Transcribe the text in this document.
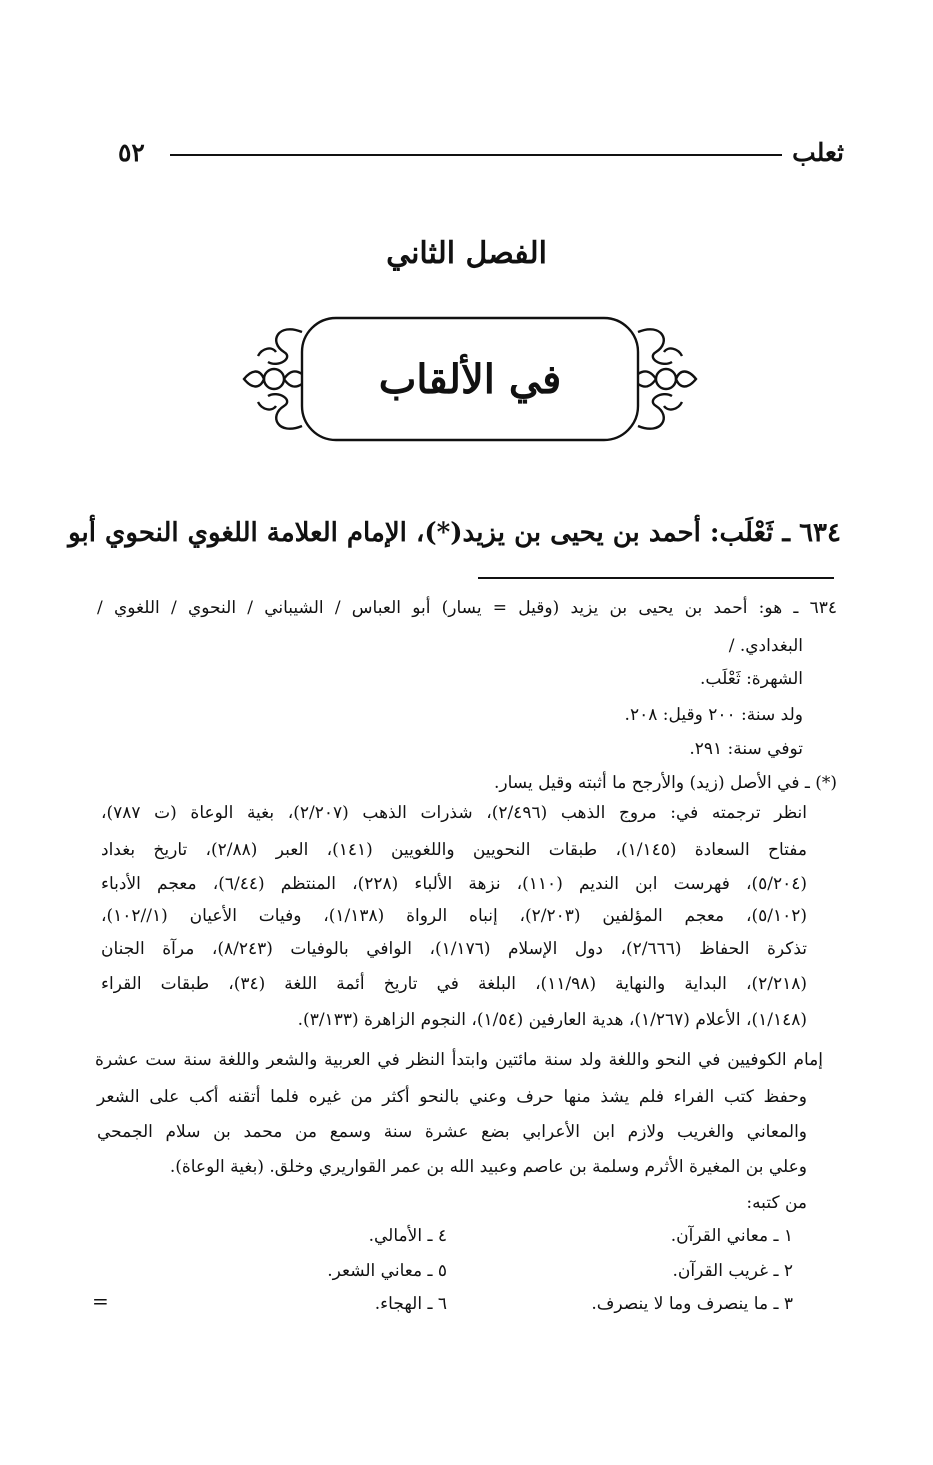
٥٢	ثعلب
الفصل الثاني
في الألقاب
٦٣٤ ـ ثَعْلَب: أحمد بن يحيى بن يزيد(*)، الإمام العلامة اللغوي النحوي أبو
٦٣٤ ـ هو: أحمد بن يحيى بن يزيد (وقيل = يسار) أبو العباس / الشيباني / النحوي / اللغوي /
البغدادي. /
الشهرة: ثَعْلَب.
ولد سنة: ٢٠٠ وقيل: ٢٠٨.
توفي سنة: ٢٩١.
(*) ـ في الأصل (زيد) والأرجح ما أثبته وقيل يسار.
انظر ترجمته في: مروج الذهب (٢/٤٩٦)، شذرات الذهب (٢/٢٠٧)، بغية الوعاة (ت ٧٨٧)،
مفتاح السعادة (١/١٤٥)، طبقات النحويين واللغويين (١٤١)، العبر (٢/٨٨)، تاريخ بغداد
(٥/٢٠٤)، فهرست ابن النديم (١١٠)، نزهة الألباء (٢٢٨)، المنتظم (٦/٤٤)، معجم الأدباء
(٥/١٠٢)، معجم المؤلفين (٢/٢٠٣)، إنباه الرواة (١/١٣٨)، وفيات الأعيان (١//١٠٢)،
تذكرة الحفاظ (٢/٦٦٦)، دول الإسلام (١/١٧٦)، الوافي بالوفيات (٨/٢٤٣)، مرآة الجنان
(٢/٢١٨)، البداية والنهاية (١١/٩٨)، البلغة في تاريخ أئمة اللغة (٣٤)، طبقات القراء
(١/١٤٨)، الأعلام (١/٢٦٧)، هدية العارفين (١/٥٤)، النجوم الزاهرة (٣/١٣٣).
إمام الكوفيين في النحو واللغة ولد سنة مائتين وابتدأ النظر في العربية والشعر واللغة سنة ست عشرة
وحفظ كتب الفراء فلم يشذ منها حرف وعني بالنحو أكثر من غيره فلما أتقنه أكب على الشعر
والمعاني والغريب ولازم ابن الأعرابي بضع عشرة سنة وسمع من محمد بن سلام الجمحي
وعلي بن المغيرة الأثرم وسلمة بن عاصم وعبيد الله بن عمر القواريري وخلق. (بغية الوعاة).
من كتبه:
١ ـ معاني القرآن.
٢ ـ غريب القرآن.
٣ ـ ما ينصرف وما لا ينصرف.
٤ ـ الأمالي.
٥ ـ معاني الشعر.
٦ ـ الهجاء.
=
